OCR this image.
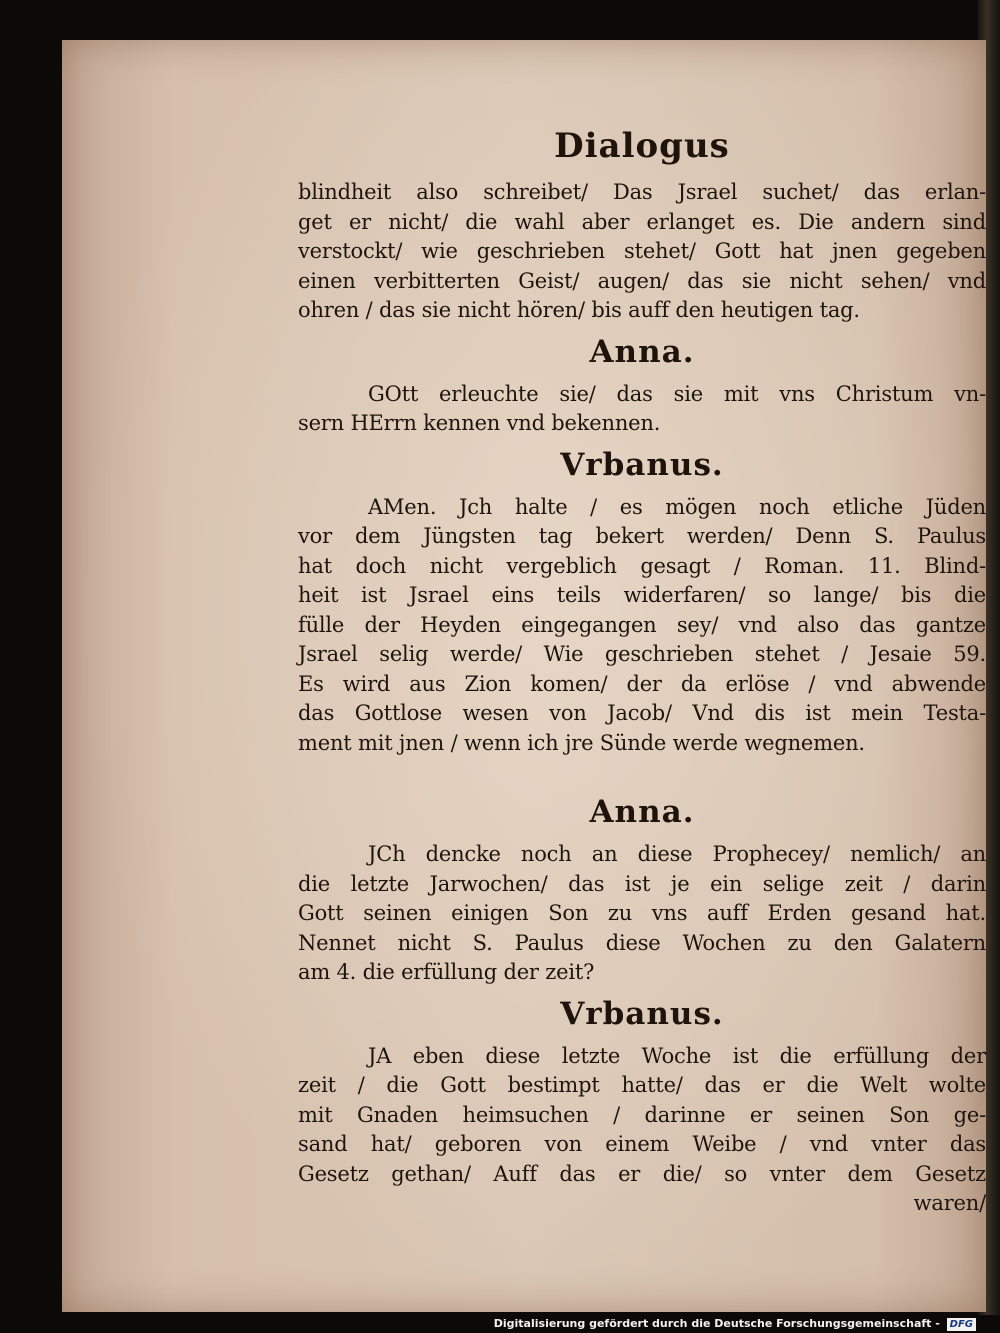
Dialogus
blindheit also schreibet/ Das Jsrael suchet/ das erlan-
get er nicht/ die wahl aber erlanget es. Die andern sind
verstockt/ wie geschrieben stehet/ Gott hat jnen gegeben
einen verbitterten Geist/ augen/ das sie nicht sehen/ vnd
ohren / das sie nicht hören/ bis auff den heutigen tag.
Anna.
GOtt erleuchte sie/ das sie mit vns Christum vn-
sern HErrn kennen vnd bekennen.
Vrbanus.
AMen. Jch halte / es mögen noch etliche Jüden
vor dem Jüngsten tag bekert werden/ Denn S. Paulus
hat doch nicht vergeblich gesagt / Roman. 11. Blind-
heit ist Jsrael eins teils widerfaren/ so lange/ bis die
fülle der Heyden eingegangen sey/ vnd also das gantze
Jsrael selig werde/ Wie geschrieben stehet / Jesaie 59.
Es wird aus Zion komen/ der da erlöse / vnd abwende
das Gottlose wesen von Jacob/ Vnd dis ist mein Testa-
ment mit jnen / wenn ich jre Sünde werde wegnemen.
Anna.
JCh dencke noch an diese Prophecey/ nemlich/ an
die letzte Jarwochen/ das ist je ein selige zeit / darin
Gott seinen einigen Son zu vns auff Erden gesand hat.
Nennet nicht S. Paulus diese Wochen zu den Galatern
am 4. die erfüllung der zeit?
Vrbanus.
JA eben diese letzte Woche ist die erfüllung der
zeit / die Gott bestimpt hatte/ das er die Welt wolte
mit Gnaden heimsuchen / darinne er seinen Son ge-
sand hat/ geboren von einem Weibe / vnd vnter das
Gesetz gethan/ Auff das er die/ so vnter dem Gesetz
waren/
Digitalisierung gefördert durch die Deutsche Forschungsgemeinschaft - DFG
